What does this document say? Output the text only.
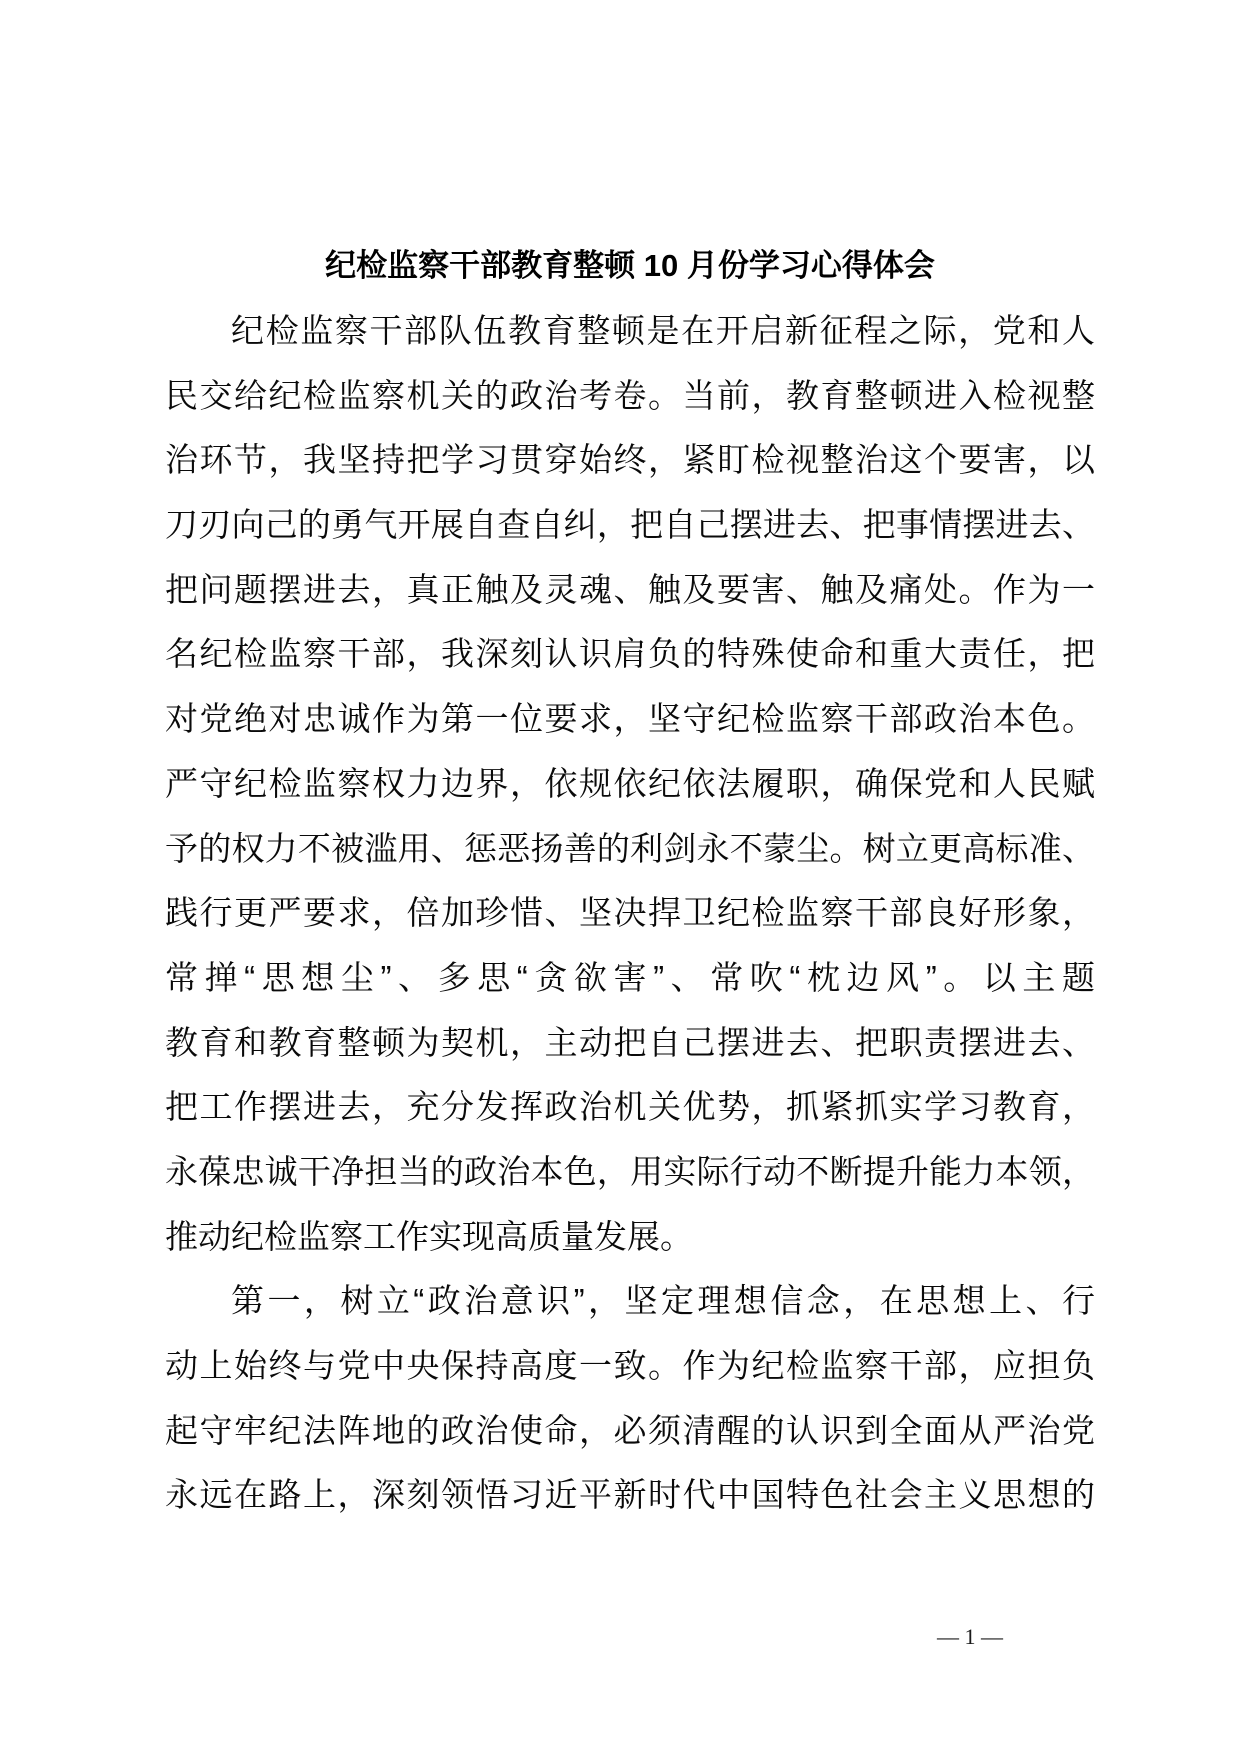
纪检监察干部教育整顿 10 月份学习心得体会
纪检监察干部队伍教育整顿是在开启新征程之际，党和人
民交给纪检监察机关的政治考卷。当前，教育整顿进入检视整
治环节，我坚持把学习贯穿始终，紧盯检视整治这个要害，以
刀刃向己的勇气开展自查自纠，把自己摆进去、把事情摆进去、
把问题摆进去，真正触及灵魂、触及要害、触及痛处。作为一
名纪检监察干部，我深刻认识肩负的特殊使命和重大责任，把
对党绝对忠诚作为第一位要求，坚守纪检监察干部政治本色。
严守纪检监察权力边界，依规依纪依法履职，确保党和人民赋
予的权力不被滥用、惩恶扬善的利剑永不蒙尘。树立更高标准、
践行更严要求，倍加珍惜、坚决捍卫纪检监察干部良好形象，
常掸“思想尘”、多思“贪欲害”、常吹“枕边风”。以主题
教育和教育整顿为契机，主动把自己摆进去、把职责摆进去、
把工作摆进去，充分发挥政治机关优势，抓紧抓实学习教育，
永葆忠诚干净担当的政治本色，用实际行动不断提升能力本领，
推动纪检监察工作实现高质量发展。
第一，树立“政治意识”，坚定理想信念，在思想上、行
动上始终与党中央保持高度一致。作为纪检监察干部，应担负
起守牢纪法阵地的政治使命，必须清醒的认识到全面从严治党
永远在路上，深刻领悟习近平新时代中国特色社会主义思想的
— 1 —
